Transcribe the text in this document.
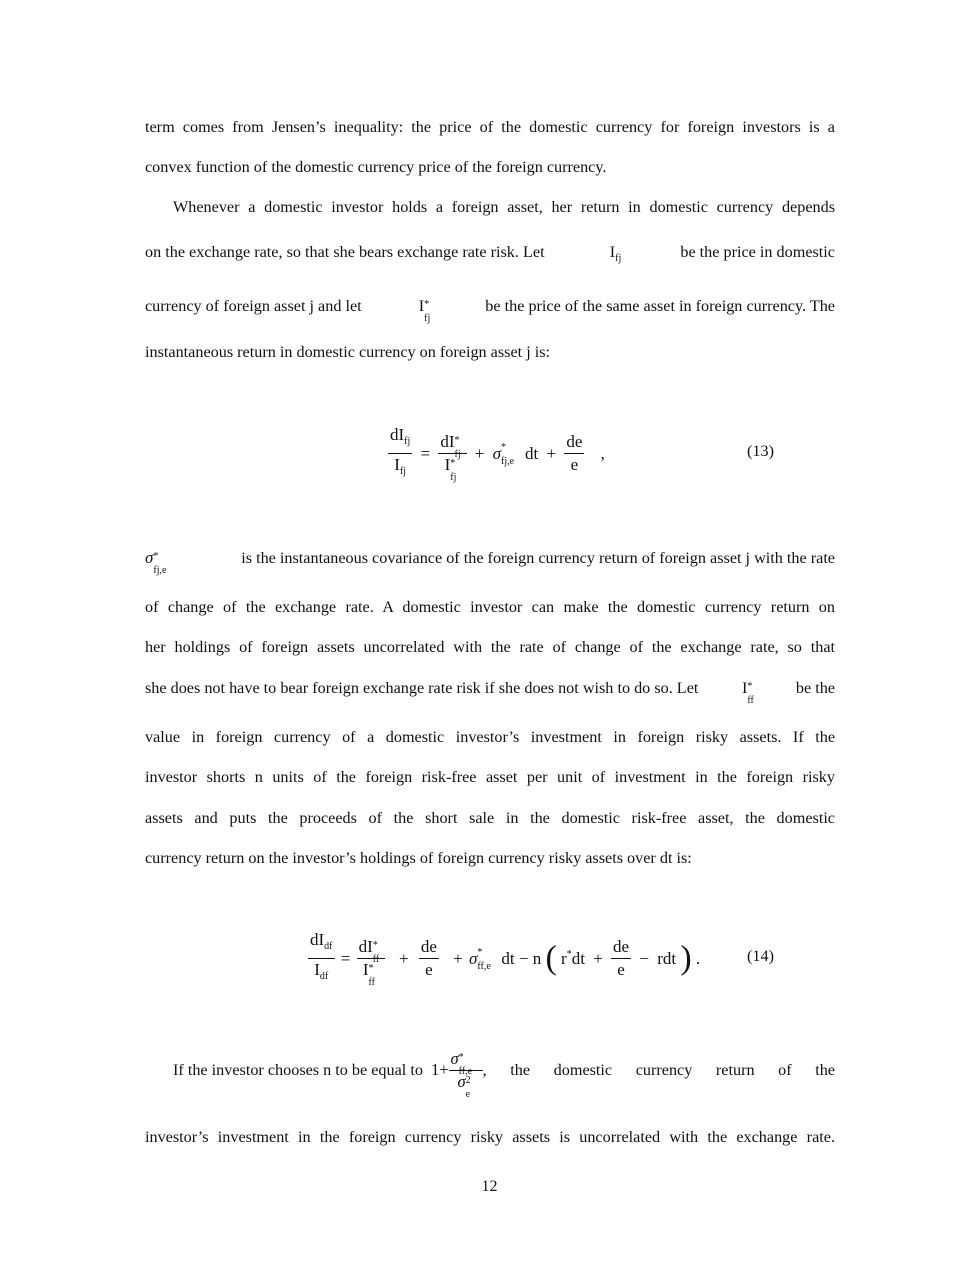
term comes from Jensen’s inequality: the price of the domestic currency for foreign investors is a
convex function of the domestic currency price of the foreign currency.
Whenever a domestic investor holds a foreign asset, her return in domestic currency depends
on the exchange rate, so that she bears exchange rate risk. Let	$I_{fj}$	be the price in domestic
currency of foreign asset j and let	I *
fj
be the price of the same asset in foreign currency. The
instantaneous return in domestic currency on foreign asset j is:
$\frac{dI_{fj}}{I_{fj}}$ = dI *
fj
I *
fj + σ *
fj,e dt + $\frac{de}{e}$ ,	(13)
σ *
fj,e
is the instantaneous covariance of the foreign currency return of foreign asset j with the rate
of change of the exchange rate. A domestic investor can make the domestic currency return on
her holdings of foreign assets uncorrelated with the rate of change of the exchange rate, so that
she does not have to bear foreign exchange rate risk if she does not wish to do so. Let	I *
ff
be the
value in foreign currency of a domestic investor’s investment in foreign risky assets. If the
investor shorts n units of the foreign risk-free asset per unit of investment in the foreign risky
assets and puts the proceeds of the short sale in the domestic risk-free asset, the domestic
currency return on the investor’s holdings of foreign currency risky assets over dt is:
$\frac{dI_{df}}{I_{df}}$ = dI *
ff
I *
ff + $\frac{de}{e} + \sigma$ *
ff,e dt − n ( $r^*dt + \frac{de}{e}$ − rdt ) .	(14)
If the investor chooses n to be equal to 1+ σ *
ff,e
σ 2
e , the domestic currency return of the
investor’s investment in the foreign currency risky assets is uncorrelated with the exchange rate.
12
